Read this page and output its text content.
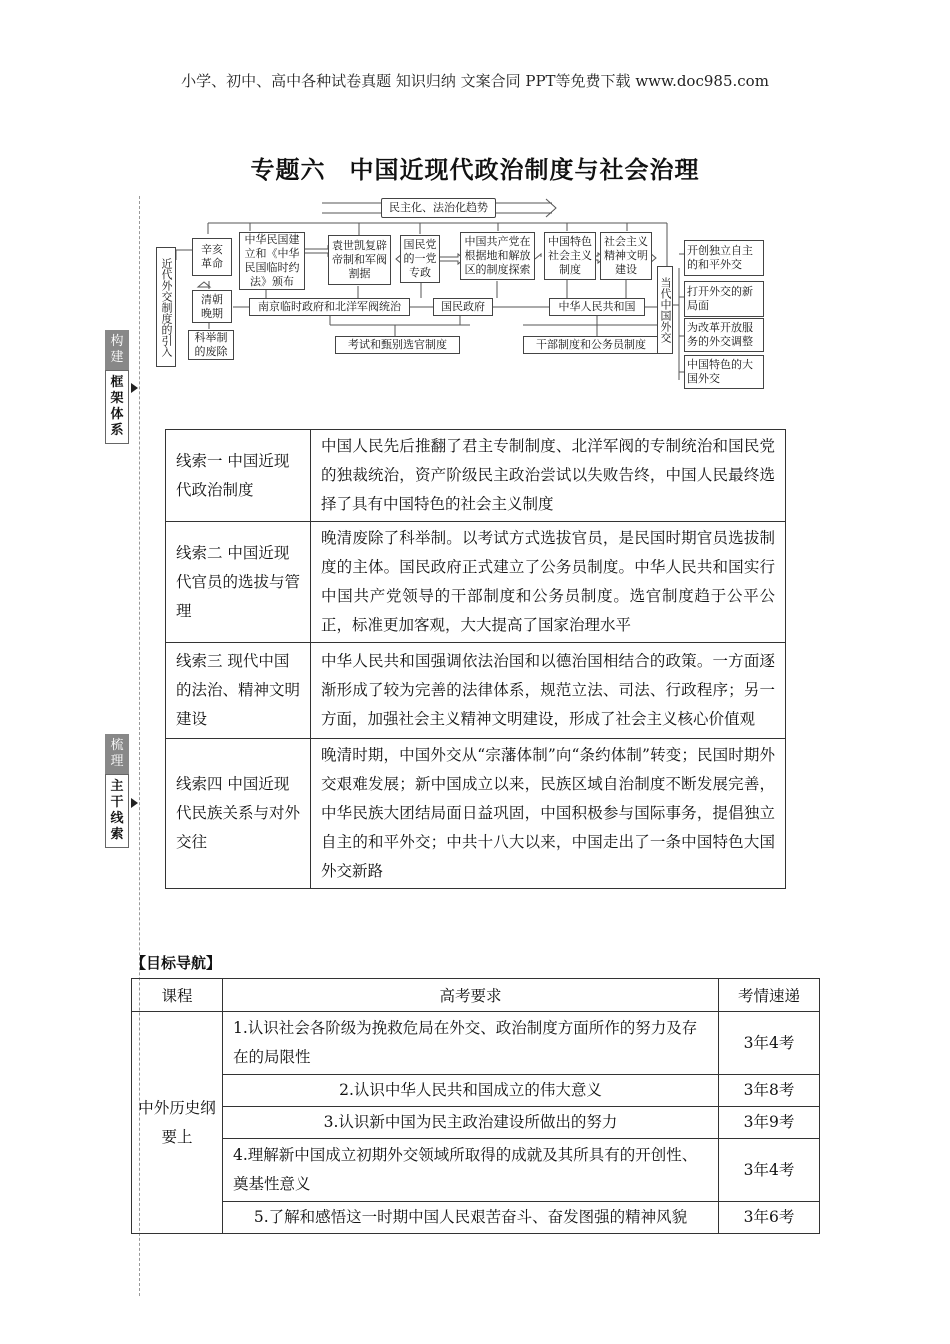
小学、初中、高中各种试卷真题 知识归纳 文案合同 PPT等免费下载 www.doc985.com
专题六 中国近现代政治制度与社会治理
构建
框架体系
梳理
主干线索
民主化、法治化趋势
近代外交制度的引入
辛亥革命
清朝晚期
科举制的废除
中华民国建立和《中华民国临时约法》颁布
袁世凯复辟帝制和军阀割据
国民党的一党专政
中国共产党在根据地和解放区的制度探索
中国特色社会主义制度
社会主义精神文明建设
南京临时政府和北洋军阀统治	国民政府	中华人民共和国
考试和甄别选官制度	干部制度和公务员制度
当代中国外交
开创独立自主的和平外交
打开外交的新局面
为改革开放服务的外交调整
中国特色的大国外交
线索一 中国近现代政治制度	中国人民先后推翻了君主专制制度、北洋军阀的专制统治和国民党的独裁统治，资产阶级民主政治尝试以失败告终，中国人民最终选择了具有中国特色的社会主义制度
线索二 中国近现代官员的选拔与管理	晚清废除了科举制。以考试方式选拔官员，是民国时期官员选拔制度的主体。国民政府正式建立了公务员制度。中华人民共和国实行中国共产党领导的干部制度和公务员制度。选官制度趋于公平公正，标准更加客观，大大提高了国家治理水平
线索三 现代中国的法治、精神文明建设	中华人民共和国强调依法治国和以德治国相结合的政策。一方面逐渐形成了较为完善的法律体系，规范立法、司法、行政程序；另一方面，加强社会主义精神文明建设，形成了社会主义核心价值观
线索四 中国近现代民族关系与对外交往	晚清时期，中国外交从“宗藩体制”向“条约体制”转变；民国时期外交艰难发展；新中国成立以来，民族区域自治制度不断发展完善，中华民族大团结局面日益巩固，中国积极参与国际事务，提倡独立自主的和平外交；中共十八大以来，中国走出了一条中国特色大国外交新路
【目标导航】
课程	高考要求	考情速递
中外历史纲要上	1.认识社会各阶级为挽救危局在外交、政治制度方面所作的努力及存在的局限性	3年4考
	2.认识中华人民共和国成立的伟大意义	3年8考
	3.认识新中国为民主政治建设所做出的努力	3年9考
	4.理解新中国成立初期外交领域所取得的成就及其所具有的开创性、奠基性意义	3年4考
	5.了解和感悟这一时期中国人民艰苦奋斗、奋发图强的精神风貌	3年6考
